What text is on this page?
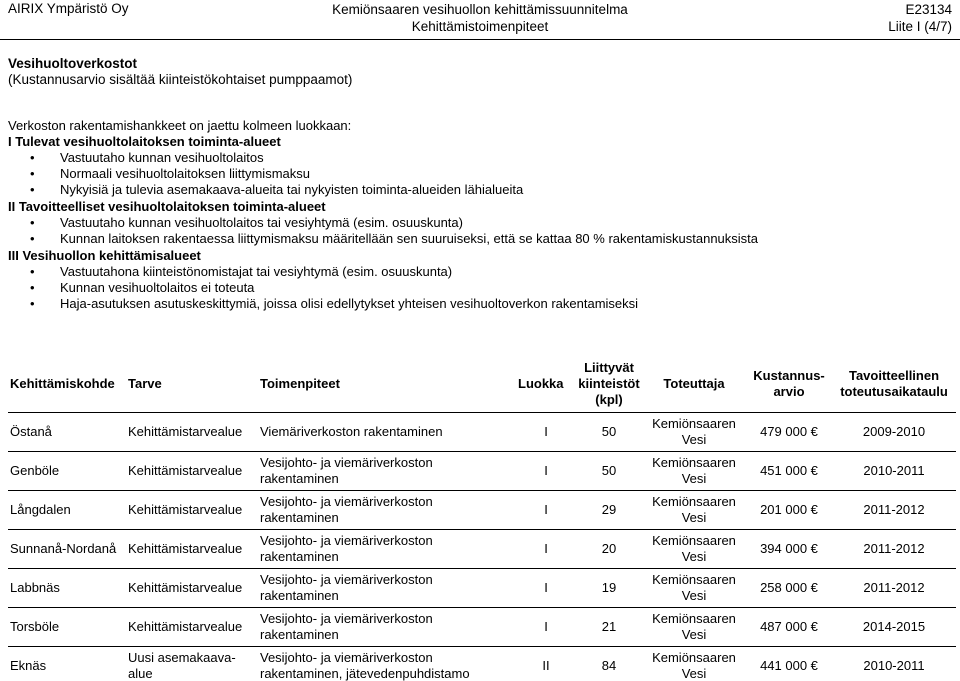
AIRIX Ympäristö Oy	Kemiönsaaren vesihuollon kehittämissuunnitelma
Kehittämistoimenpiteet
E23134
Liite I (4/7)
Vesihuoltoverkostot
(Kustannusarvio sisältää kiinteistökohtaiset pumppaamot)
Verkoston rakentamishankkeet on jaettu kolmeen luokkaan:
I Tulevat vesihuoltolaitoksen toiminta-alueet
• Vastuutaho kunnan vesihuoltolaitos
• Normaali vesihuoltolaitoksen liittymismaksu
• Nykyisiä ja tulevia asemakaava-alueita tai nykyisten toiminta-alueiden lähialueita
II Tavoitteelliset vesihuoltolaitoksen toiminta-alueet
• Vastuutaho kunnan vesihuoltolaitos tai vesiyhtymä (esim. osuuskunta)
• Kunnan laitoksen rakentaessa liittymismaksu määritellään sen suuruiseksi, että se kattaa 80 % rakentamiskustannuksista
III Vesihuollon kehittämisalueet
• Vastuutahona kiinteistönomistajat tai vesiyhtymä (esim. osuuskunta)
• Kunnan vesihuoltolaitos ei toteuta
• Haja-asutuksen asutuskeskittymiä, joissa olisi edellytykset yhteisen vesihuoltoverkon rakentamiseksi
Kehittämiskohde	Tarve	Toimenpiteet	Luokka	Liittyvät kiinteistöt (kpl)	Toteuttaja	Kustannus-arvio	Tavoitteellinen toteutusaikataulu
Östanå	Kehittämistarvealue	Viemäriverkoston rakentaminen	I	50	Kemiönsaaren Vesi	479 000 €	2009-2010
Genböle	Kehittämistarvealue	Vesijohto- ja viemäriverkoston rakentaminen	I	50	Kemiönsaaren Vesi	451 000 €	2010-2011
Långdalen	Kehittämistarvealue	Vesijohto- ja viemäriverkoston rakentaminen	I	29	Kemiönsaaren Vesi	201 000 €	2011-2012
Sunnanå-Nordanå	Kehittämistarvealue	Vesijohto- ja viemäriverkoston rakentaminen	I	20	Kemiönsaaren Vesi	394 000 €	2011-2012
Labbnäs	Kehittämistarvealue	Vesijohto- ja viemäriverkoston rakentaminen	I	19	Kemiönsaaren Vesi	258 000 €	2011-2012
Torsböle	Kehittämistarvealue	Vesijohto- ja viemäriverkoston rakentaminen	I	21	Kemiönsaaren Vesi	487 000 €	2014-2015
Eknäs	Uusi asemakaava-alue	Vesijohto- ja viemäriverkoston rakentaminen, jätevedenpuhdistamo	II	84	Kemiönsaaren Vesi	441 000 €	2010-2011
